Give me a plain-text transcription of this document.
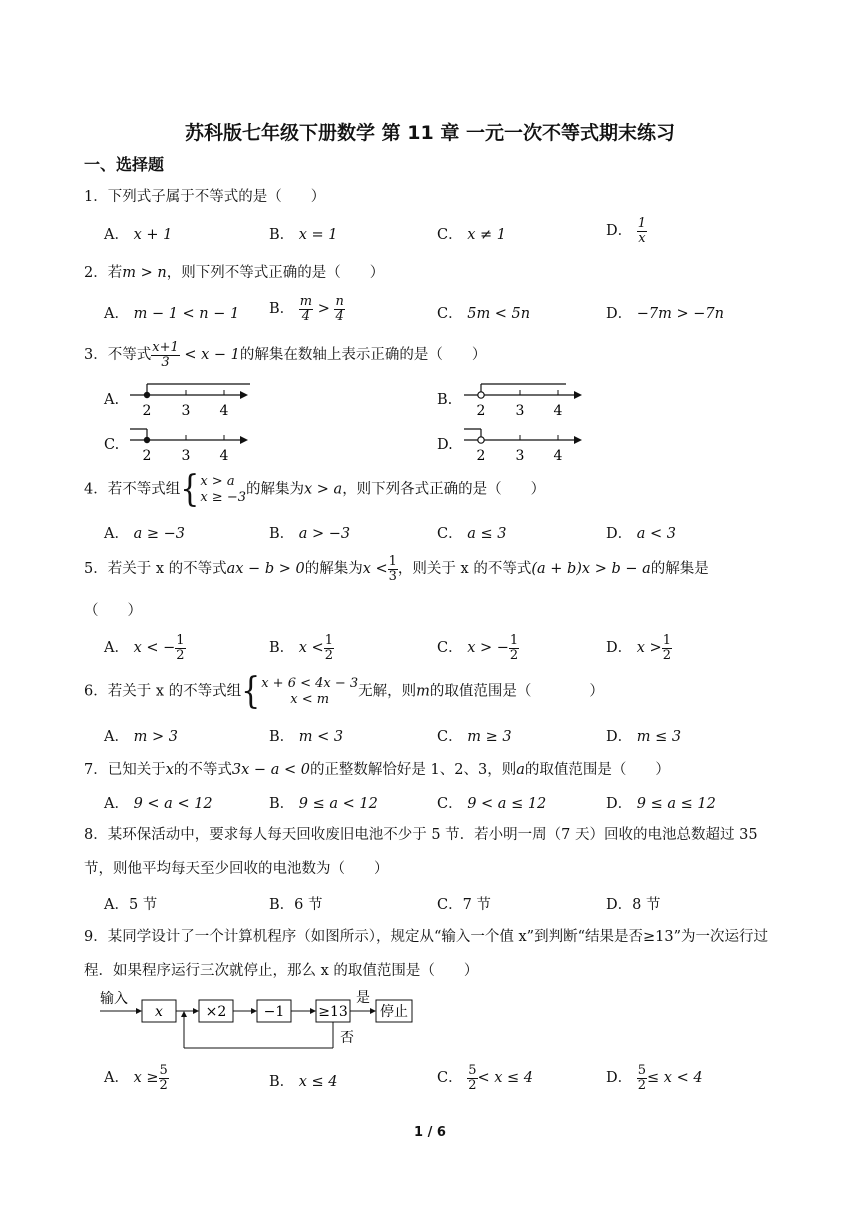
苏科版七年级下册数学 第 11 章 一元一次不等式期末练习
一、选择题
1．下列式子属于不等式的是（　　）
A． x + 1	B． x = 1	C． x ≠ 1	D． $\frac{1}{x}$
2．若m > n，则下列不等式正确的是（　　）
A． m − 1 < n − 1 B． $\frac{m}{4} > \frac{n}{4}$	C． 5m < 5n	D． −7m > −7n
3．不等式 $\frac{x+1}{3} < x - 1$的解集在数轴上表示正确的是（　　）
A.
2 3 4
B.
2 3 4
C.
2 3 4
D.
2 3 4
4．若不等式组{ x > a
x ≥ −3 的解集为x > a，则下列各式正确的是（　　）
A． a ≥ −3	B． a > −3	C． a ≤ 3	D． a < 3
5．若关于 x 的不等式ax − b > 0的解集为$x < \frac{1}{3}$ ，则关于 x 的不等式(a + b)x > b − a的解集是
（　　）
A． x < − $\frac{1}{2}$	B． $x < \frac{1}{2}$	C． x > − $\frac{1}{2}$	D． $x > \frac{1}{2}$
6．若关于 x 的不等式组{ x + 6 < 4x − 3
x < m	无解，则m的取值范围是（　　　　）
A． m > 3	B． m < 3	C． m ≥ 3	D． m ≤ 3
7．已知关于x的不等式3x − a < 0的正整数解恰好是 1、2、3，则a的取值范围是（　　）
A． 9 < a < 12	B． 9 ≤ a < 12	C． 9 < a ≤ 12	D． 9 ≤ a ≤ 12
8．某环保活动中，要求每人每天回收废旧电池不少于 5 节．若小明一周（7 天）回收的电池总数超过 35 节，则他平均每天至少回收的电池数为（　　）
A．5 节	B．6 节	C．7 节	D．8 节
9．某同学设计了一个计算机程序（如图所示），规定从“输入一个值 x”到判断“结果是否≥13”为一次运行过程．如果程序运行三次就停止，那么 x 的取值范围是（　　）
输入
x	×2	−1 ≥13
是
停止
否
A． $x \ge \frac{5}{2}$	B． x ≤ 4	C． $\frac{5}{2} < x \le 4$	D． $\frac{5}{2} \le x < 4$
1 / 6
